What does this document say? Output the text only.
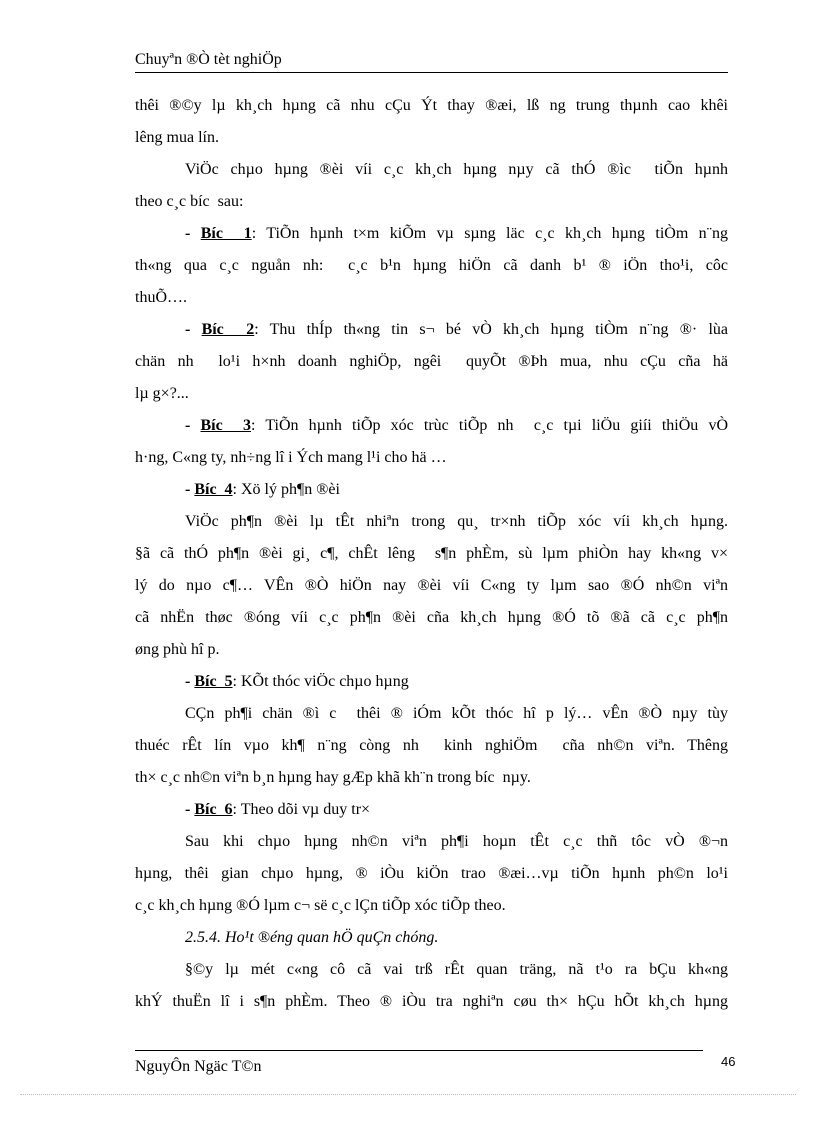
Chuyªn ®Ò tèt nghiÖp
thêi ®©y lµ kh¸ch hµng cã nhu cÇu Ýt thay ®æi, lß ng trung thµnh cao khêi
lêng mua lín.
ViÖc chµo hµng ®èi víi c¸c kh¸ch hµng nµy cã thÓ ®ìc  tiÕn hµnh
theo c¸c bíc  sau:
- Bíc  1: TiÕn hµnh t×m kiÕm vµ sµng läc c¸c kh¸ch hµng tiÒm n¨ng
th«ng qua c¸c nguån nh:  c¸c b¹n hµng hiÖn cã danh b¹ ® iÖn tho¹i, côc
thuÕ….
- Bíc  2: Thu thÍp th«ng tin s¬ bé vÒ kh¸ch hµng tiÒm n¨ng ®· lùa
chän nh  lo¹i h×nh doanh nghiÖp, ngêi  quyÕt ®Þh mua, nhu cÇu cña hä
lµ g×?...
- Bíc  3: TiÕn hµnh tiÕp xóc trùc tiÕp nh  c¸c tµi liÖu giíi thiÖu vÒ
h·ng, C«ng ty, nh÷ng lî i Ých mang l¹i cho hä …
- Bíc  4: Xö lý ph¶n ®èi
ViÖc ph¶n ®èi lµ tÊt nhiªn trong qu¸ tr×nh tiÕp xóc víi kh¸ch hµng.
§ã cã thÓ ph¶n ®èi gi¸ c¶, chÊt lêng  s¶n phÈm, sù lµm phiÒn hay kh«ng v×
lý do nµo c¶… VÊn ®Ò hiÖn nay ®èi víi C«ng ty lµm sao ®Ó nh©n viªn
cã nhËn thøc ®óng víi c¸c ph¶n ®èi cña kh¸ch hµng ®Ó tõ ®ã cã c¸c ph¶n
øng phù hî p.
- Bíc  5: KÕt thóc viÖc chµo hµng
CÇn ph¶i chän ®ì c  thêi ® iÓm kÕt thóc hî p lý… vÊn ®Ò nµy tùy
thuéc rÊt lín vµo kh¶ n¨ng còng nh  kinh nghiÖm  cña nh©n viªn. Thêng
th× c¸c nh©n viªn b¸n hµng hay gÆp khã kh¨n trong bíc  nµy.
- Bíc  6: Theo dõi vµ duy tr×
Sau khi chµo hµng nh©n viªn ph¶i hoµn tÊt c¸c thñ tôc vÒ ®¬n
hµng, thêi gian chµo hµng, ® iÒu kiÖn trao ®æi…vµ tiÕn hµnh ph©n lo¹i
c¸c kh¸ch hµng ®Ó lµm c¬ së c¸c lÇn tiÕp xóc tiÕp theo.
2.5.4. Ho¹t ®éng quan hÖ quÇn chóng.
§©y lµ mét c«ng cô cã vai trß rÊt quan träng, nã t¹o ra bÇu kh«ng
khÝ thuËn lî i s¶n phÈm. Theo ® iÒu tra nghiªn cøu th× hÇu hÕt kh¸ch hµng
NguyÔn Ngäc T©n	46
